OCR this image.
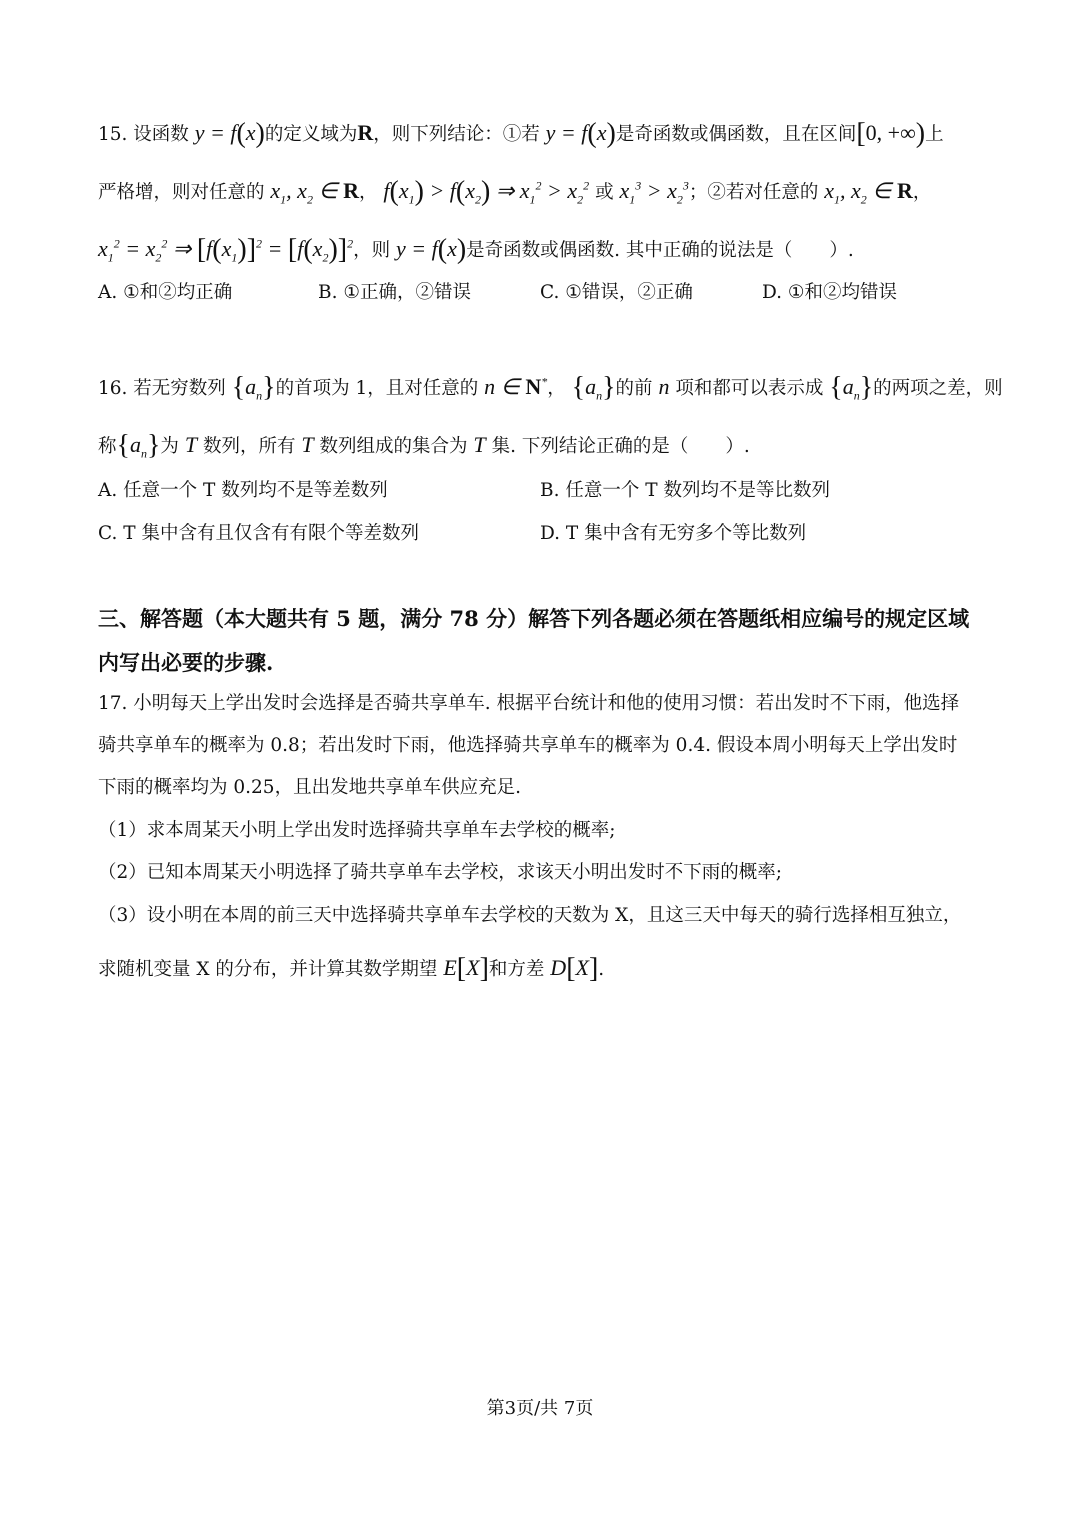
15. 设函数 y = f(x)的定义域为R，则下列结论：①若 y = f(x)是奇函数或偶函数，且在区间[0, +∞)上
严格增，则对任意的 $x_1$, $x_2$ ∈ R， $f(x_1) > f(x_2)$ ⇒ $x_1^2 > x_2^2$ 或 $x_1^3 > x_2^3$；②若对任意的 $x_1$, $x_2$ ∈ R，
$x_1^2 = x_2^2$ ⇒ $[f(x_1)]^2 = [f(x_2)]^2$，则 y = f(x)是奇函数或偶函数. 其中正确的说法是（　　）.
A. ①和②均正确	B. ①正确，②错误	C. ①错误，②正确	D. ①和②均错误
16. 若无穷数列 $\{a_n\}$的首项为 1，且对任意的 n ∈ N*， $\{a_n\}$的前 n 项和都可以表示成 $\{a_n\}$的两项之差，则
称$\{a_n\}$为 T 数列，所有 T 数列组成的集合为 T 集. 下列结论正确的是（　　）.
A. 任意一个 T 数列均不是等差数列	B. 任意一个 T 数列均不是等比数列
C. T 集中含有且仅含有有限个等差数列	D. T 集中含有无穷多个等比数列
三、解答题（本大题共有 5 题，满分 78 分）解答下列各题必须在答题纸相应编号的规定区域
内写出必要的步骤.
17. 小明每天上学出发时会选择是否骑共享单车. 根据平台统计和他的使用习惯：若出发时不下雨，他选择
骑共享单车的概率为 0.8；若出发时下雨，他选择骑共享单车的概率为 0.4. 假设本周小明每天上学出发时
下雨的概率均为 0.25，且出发地共享单车供应充足.
（1）求本周某天小明上学出发时选择骑共享单车去学校的概率;
（2）已知本周某天小明选择了骑共享单车去学校，求该天小明出发时不下雨的概率;
（3）设小明在本周的前三天中选择骑共享单车去学校的天数为 X，且这三天中每天的骑行选择相互独立，
求随机变量 X 的分布，并计算其数学期望 E[X]和方差 D[X].
第3页/共 7页
